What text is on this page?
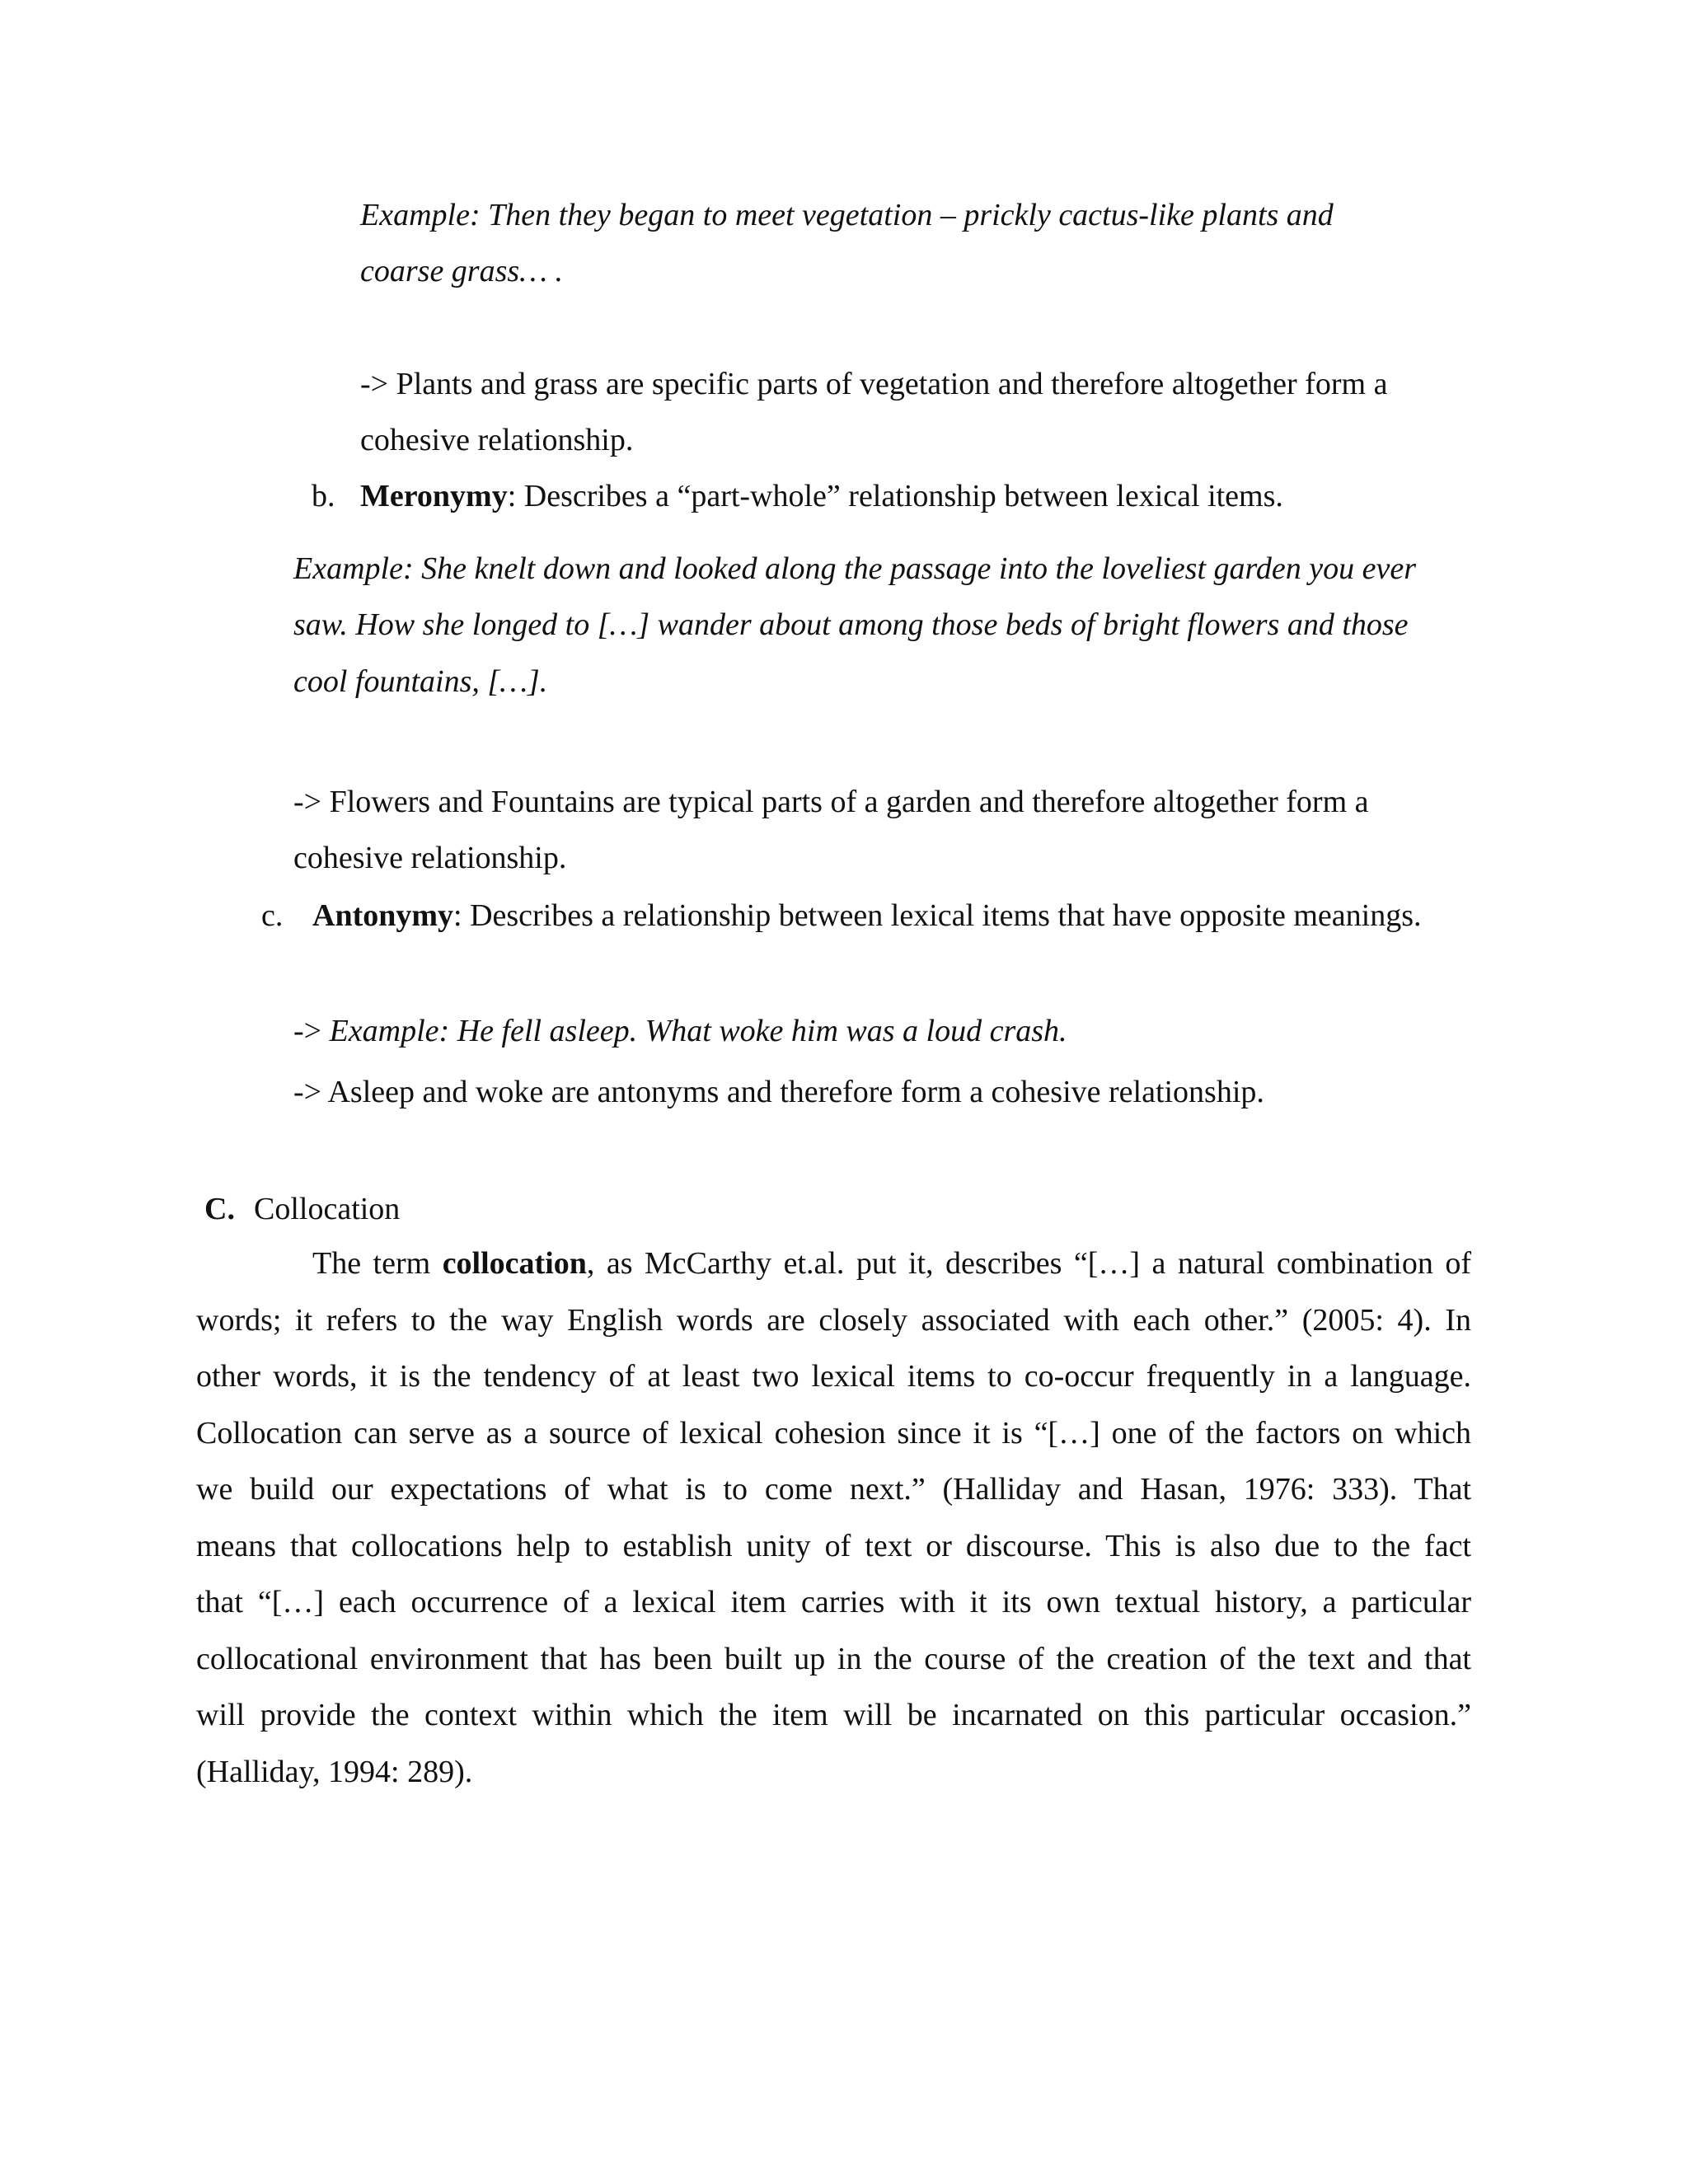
Example: Then they began to meet vegetation – prickly cactus-like plants and

coarse grass… .

-> Plants and grass are specific parts of vegetation and therefore altogether form a

cohesive relationship.

b. Meronymy: Describes a “part-whole” relationship between lexical items.

Example: She knelt down and looked along the passage into the loveliest garden you ever

saw. How she longed to […] wander about among those beds of bright flowers and those

cool fountains, […].

-> Flowers and Fountains are typical parts of a garden and therefore altogether form a

cohesive relationship.

c. Antonymy: Describes a relationship between lexical items that have opposite meanings.

-> Example: He fell asleep. What woke him was a loud crash.

-> Asleep and woke are antonyms and therefore form a cohesive relationship.

C. Collocation

The term collocation, as McCarthy et.al. put it, describes “[…] a natural combination of
words; it refers to the way English words are closely associated with each other.” (2005: 4). In
other words, it is the tendency of at least two lexical items to co-occur frequently in a language.
Collocation can serve as a source of lexical cohesion since it is “[…] one of the factors on which
we build our expectations of what is to come next.” (Halliday and Hasan, 1976: 333). That
means that collocations help to establish unity of text or discourse. This is also due to the fact
that “[…] each occurrence of a lexical item carries with it its own textual history, a particular
collocational environment that has been built up in the course of the creation of the text and that
will provide the context within which the item will be incarnated on this particular occasion.”
(Halliday, 1994: 289).
